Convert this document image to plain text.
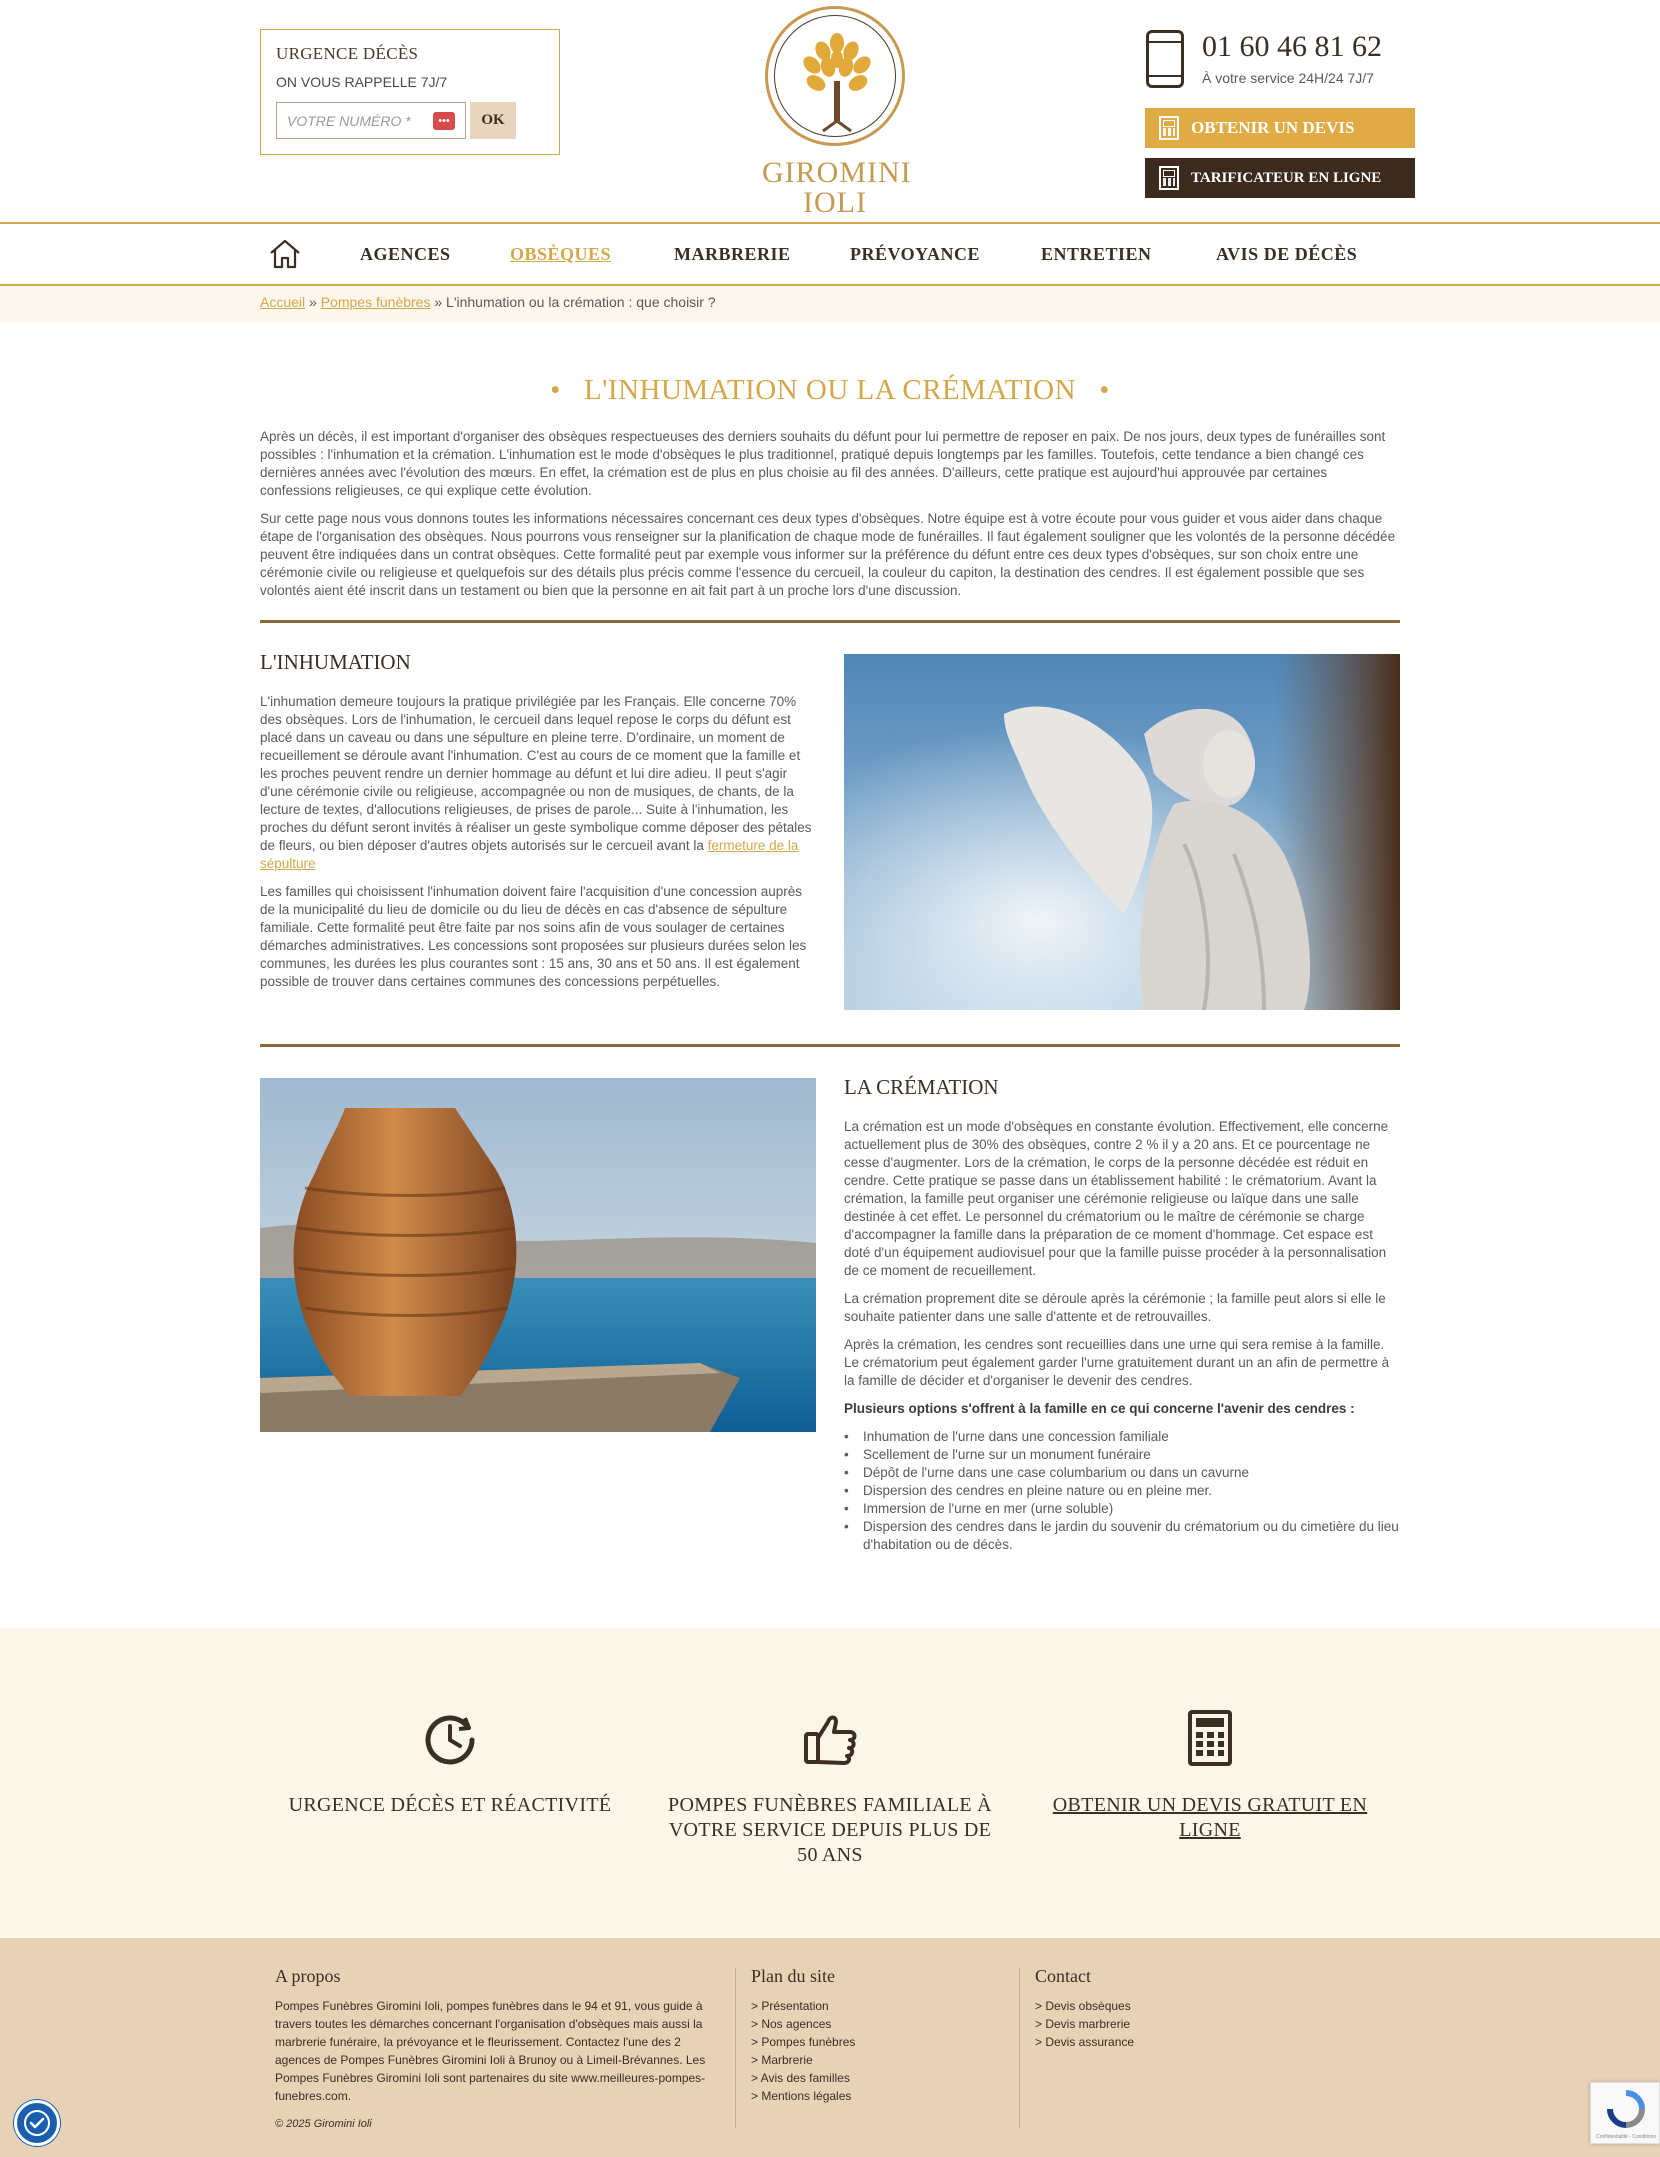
URGENCE DÉCÈS
ON VOUS RAPPELLE 7J/7
VOTRE NUMÉRO *	•••	OK
GIROMINI
IOLI
01 60 46 81 62
À votre service 24H/24 7J/7
OBTENIR UN DEVIS
TARIFICATEUR EN LIGNE
AGENCES	OBSÈQUES	MARBRERIE	PRÉVOYANCE	ENTRETIEN	AVIS DE DÉCÈS
Accueil » Pompes funèbres » L'inhumation ou la crémation : que choisir ?
• L'INHUMATION OU LA CRÉMATION •

Après un décès, il est important d'organiser des obsèques respectueuses des derniers souhaits du défunt pour lui permettre de reposer en paix. De nos jours, deux types de funérailles sont possibles : l'inhumation et la crémation. L'inhumation est le mode d'obsèques le plus traditionnel, pratiqué depuis longtemps par les familles. Toutefois, cette tendance a bien changé ces dernières années avec l'évolution des mœurs. En effet, la crémation est de plus en plus choisie au fil des années. D'ailleurs, cette pratique est aujourd'hui approuvée par certaines confessions religieuses, ce qui explique cette évolution.

Sur cette page nous vous donnons toutes les informations nécessaires concernant ces deux types d'obsèques. Notre équipe est à votre écoute pour vous guider et vous aider dans chaque étape de l'organisation des obsèques. Nous pourrons vous renseigner sur la planification de chaque mode de funérailles. Il faut également souligner que les volontés de la personne décédée peuvent être indiquées dans un contrat obsèques. Cette formalité peut par exemple vous informer sur la préférence du défunt entre ces deux types d'obsèques, sur son choix entre une cérémonie civile ou religieuse et quelquefois sur des détails plus précis comme l'essence du cercueil, la couleur du capiton, la destination des cendres. Il est également possible que ses volontés aient été inscrit dans un testament ou bien que la personne en ait fait part à un proche lors d'une discussion.

L'INHUMATION

L'inhumation demeure toujours la pratique privilégiée par les Français. Elle concerne 70% des obsèques. Lors de l'inhumation, le cercueil dans lequel repose le corps du défunt est placé dans un caveau ou dans une sépulture en pleine terre. D'ordinaire, un moment de recueillement se déroule avant l'inhumation. C'est au cours de ce moment que la famille et les proches peuvent rendre un dernier hommage au défunt et lui dire adieu. Il peut s'agir d'une cérémonie civile ou religieuse, accompagnée ou non de musiques, de chants, de la lecture de textes, d'allocutions religieuses, de prises de parole... Suite à l'inhumation, les proches du défunt seront invités à réaliser un geste symbolique comme déposer des pétales de fleurs, ou bien déposer d'autres objets autorisés sur le cercueil avant la fermeture de la sépulture

Les familles qui choisissent l'inhumation doivent faire l'acquisition d'une concession auprès de la municipalité du lieu de domicile ou du lieu de décès en cas d'absence de sépulture familiale. Cette formalité peut être faite par nos soins afin de vous soulager de certaines démarches administratives. Les concessions sont proposées sur plusieurs durées selon les communes, les durées les plus courantes sont : 15 ans, 30 ans et 50 ans. Il est également possible de trouver dans certaines communes des concessions perpétuelles.

LA CRÉMATION

La crémation est un mode d'obsèques en constante évolution. Effectivement, elle concerne actuellement plus de 30% des obsèques, contre 2 % il y a 20 ans. Et ce pourcentage ne cesse d'augmenter. Lors de la crémation, le corps de la personne décédée est réduit en cendre. Cette pratique se passe dans un établissement habilité : le crématorium. Avant la crémation, la famille peut organiser une cérémonie religieuse ou laïque dans une salle destinée à cet effet. Le personnel du crématorium ou le maître de cérémonie se charge d'accompagner la famille dans la préparation de ce moment d'hommage. Cet espace est doté d'un équipement audiovisuel pour que la famille puisse procéder à la personnalisation de ce moment de recueillement.

La crémation proprement dite se déroule après la cérémonie ; la famille peut alors si elle le souhaite patienter dans une salle d'attente et de retrouvailles.

Après la crémation, les cendres sont recueillies dans une urne qui sera remise à la famille. Le crématorium peut également garder l'urne gratuitement durant un an afin de permettre à la famille de décider et d'organiser le devenir des cendres.

Plusieurs options s'offrent à la famille en ce qui concerne l'avenir des cendres :

• Inhumation de l'urne dans une concession familiale
• Scellement de l'urne sur un monument funéraire
• Dépôt de l'urne dans une case columbarium ou dans un cavurne
• Dispersion des cendres en pleine nature ou en pleine mer.
• Immersion de l'urne en mer (urne soluble)
• Dispersion des cendres dans le jardin du souvenir du crématorium ou du cimetière du lieu d'habitation ou de décès.
URGENCE DÉCÈS ET RÉACTIVITÉ	POMPES FUNÈBRES FAMILIALE À VOTRE SERVICE DEPUIS PLUS DE 50 ANS
OBTENIR UN DEVIS GRATUIT EN LIGNE
A propos
Pompes Funèbres Giromini Ioli, pompes funèbres dans le 94 et 91, vous guide à travers toutes les démarches concernant l'organisation d'obsèques mais aussi la marbrerie funéraire, la prévoyance et le fleurissement. Contactez l'une des 2 agences de Pompes Funèbres Giromini Ioli à Brunoy ou à Limeil-Brévannes. Les Pompes Funèbres Giromini Ioli sont partenaires du site www.meilleures-pompes-funebres.com.
Plan du site
> Présentation
> Nos agences
> Pompes funèbres
> Marbrerie
> Avis des familles
> Mentions légales
Contact
> Devis obsèques
> Devis marbrerie
> Devis assurance
© 2025 Giromini Ioli
Confidentialité - Conditions
